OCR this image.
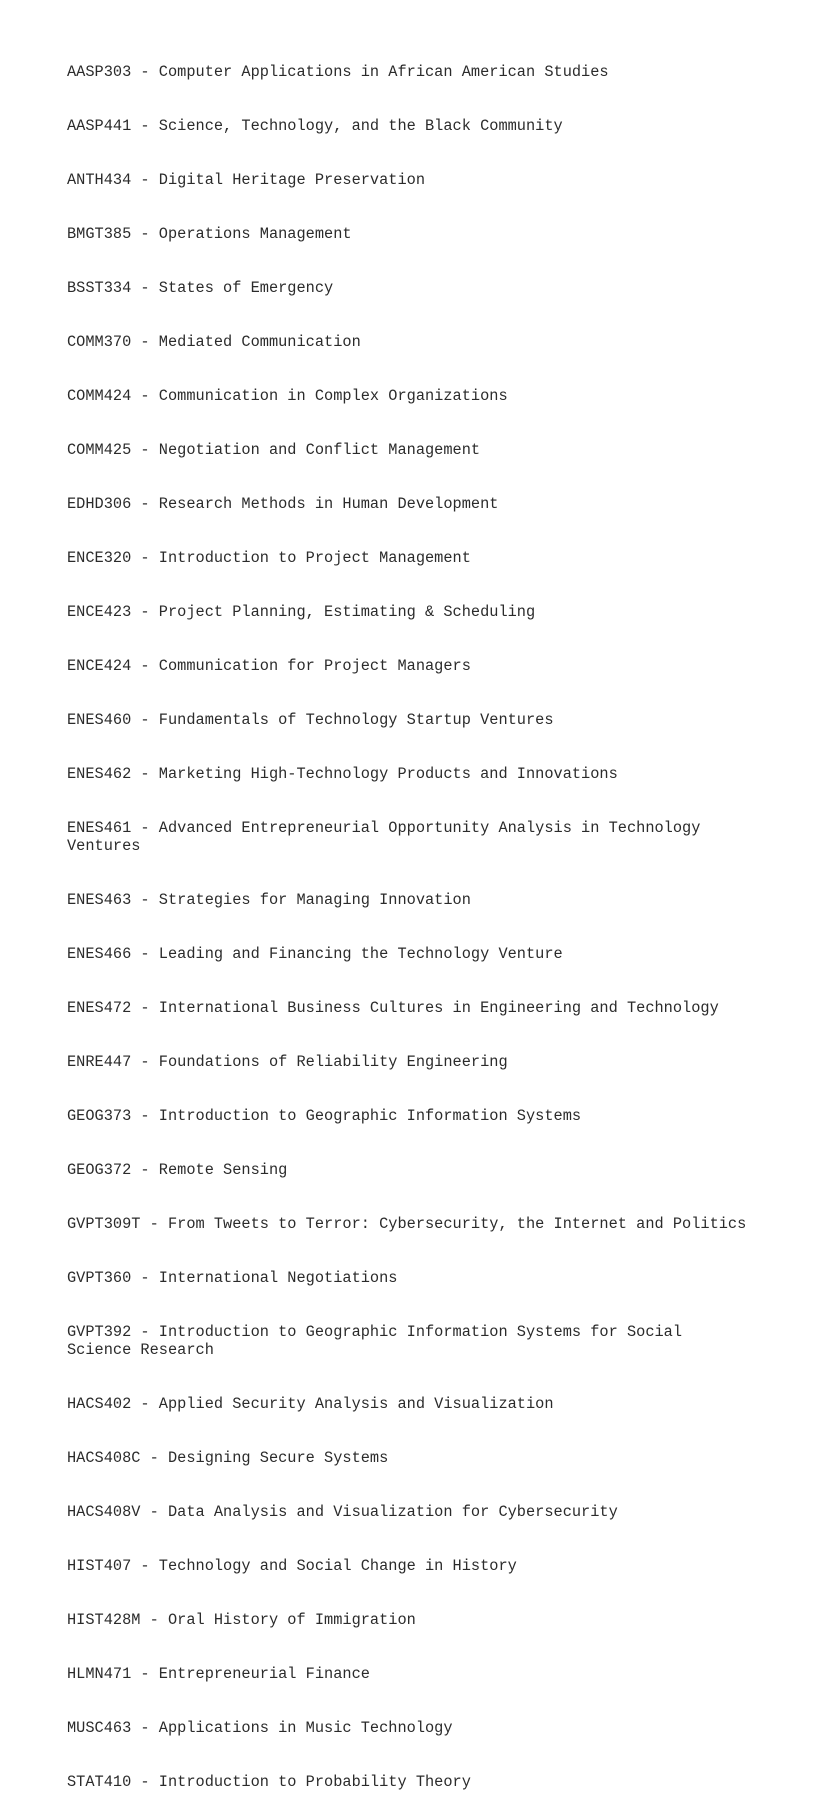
AASP303 - Computer Applications in African American Studies

AASP441 - Science, Technology, and the Black Community

ANTH434 - Digital Heritage Preservation

BMGT385 - Operations Management

BSST334 - States of Emergency

COMM370 - Mediated Communication

COMM424 - Communication in Complex Organizations

COMM425 - Negotiation and Conflict Management

EDHD306 - Research Methods in Human Development

ENCE320 - Introduction to Project Management

ENCE423 - Project Planning, Estimating & Scheduling

ENCE424 - Communication for Project Managers

ENES460 - Fundamentals of Technology Startup Ventures

ENES462 - Marketing High-Technology Products and Innovations

ENES461 - Advanced Entrepreneurial Opportunity Analysis in Technology
Ventures

ENES463 - Strategies for Managing Innovation

ENES466 - Leading and Financing the Technology Venture

ENES472 - International Business Cultures in Engineering and Technology

ENRE447 - Foundations of Reliability Engineering

GEOG373 - Introduction to Geographic Information Systems

GEOG372 - Remote Sensing

GVPT309T - From Tweets to Terror: Cybersecurity, the Internet and Politics

GVPT360 - International Negotiations

GVPT392 - Introduction to Geographic Information Systems for Social
Science Research

HACS402 - Applied Security Analysis and Visualization

HACS408C - Designing Secure Systems

HACS408V - Data Analysis and Visualization for Cybersecurity

HIST407 - Technology and Social Change in History

HIST428M - Oral History of Immigration

HLMN471 - Entrepreneurial Finance

MUSC463 - Applications in Music Technology

STAT410 - Introduction to Probability Theory
